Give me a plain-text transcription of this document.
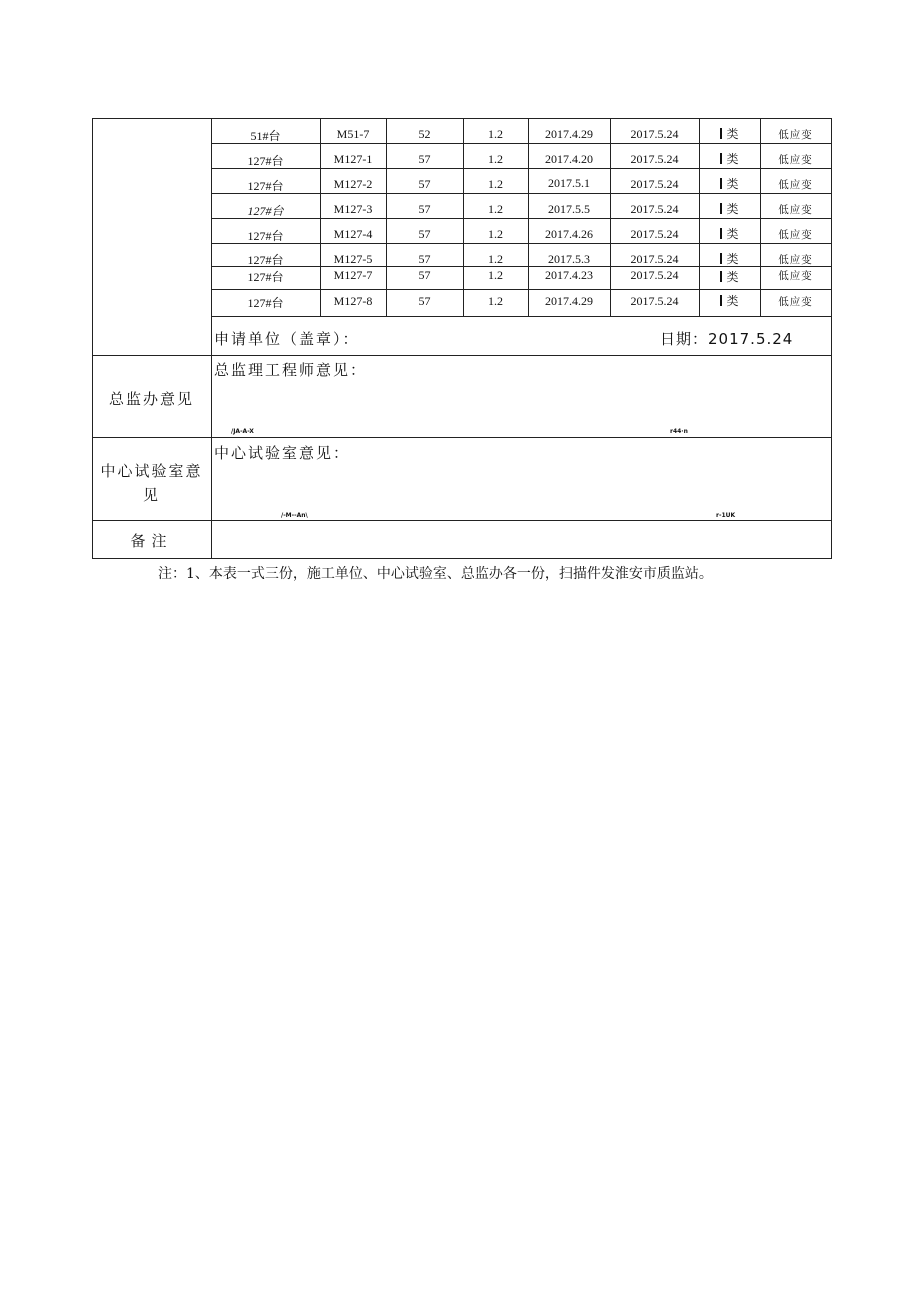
51#台	M51-7	52	1.2	2017.4.29	2017.5.24	类	低应变
127#台	M127-1	57	1.2	2017.4.20	2017.5.24	类	低应变
127#台	M127-2	57	1.2	2017.5.1	2017.5.24	类	低应变
127#台	M127-3	57	1.2	2017.5.5	2017.5.24	类	低应变
127#台	M127-4	57	1.2	2017.4.26	2017.5.24	类	低应变
127#台	M127-5	57	1.2	2017.5.3	2017.5.24	类	低应变
127#台	M127-7	57	1.2	2017.4.23	2017.5.24	类	低应变
127#台	M127-8	57	1.2	2017.4.29	2017.5.24	类	低应变
申请单位（盖章）：	日期：2017.5.24
总监办意见
总监理工程师意见：
/JA-A-X	r44·n
中心试验室意
见
中心试验室意见：
/-M--An\	r-1UK
备注
注：1、本表一式三份，施工单位、中心试验室、总监办各一份，扫描件发淮安市质监站。
